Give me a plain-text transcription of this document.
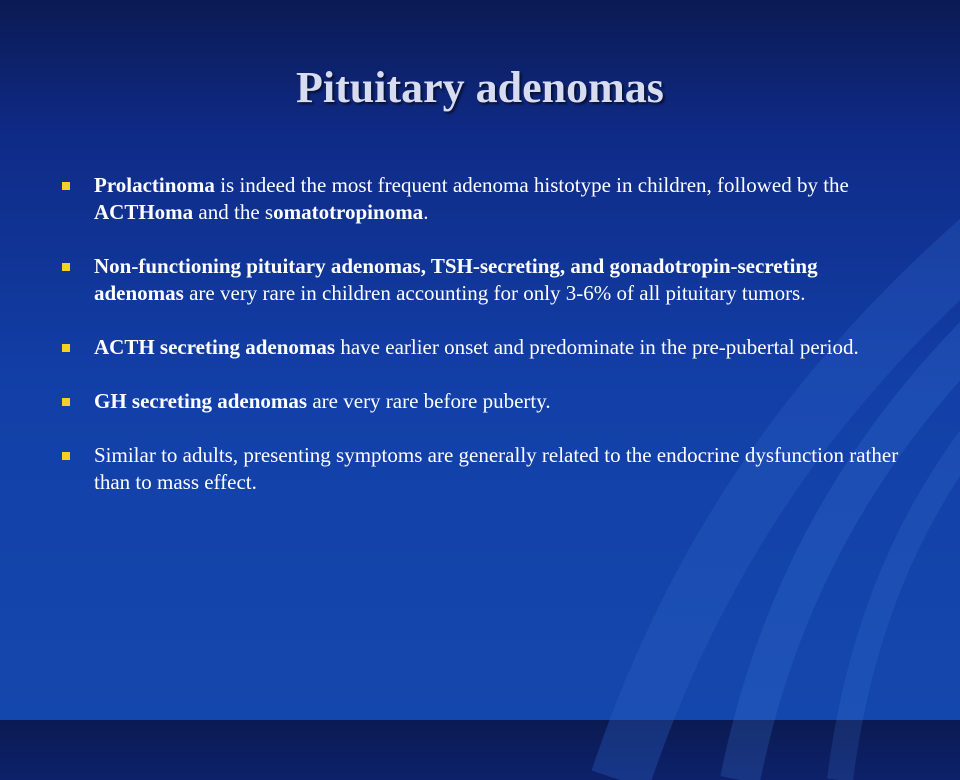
Pituitary adenomas
Prolactinoma is indeed the most frequent adenoma histotype in children, followed by the ACTHoma and the somatotropinoma.
Non-functioning pituitary adenomas, TSH-secreting, and gonadotropin-secreting adenomas are very rare in children accounting for only 3-6% of all pituitary tumors.
ACTH secreting adenomas have earlier onset and predominate in the pre-pubertal period.
GH secreting adenomas are very rare before puberty.
Similar to adults, presenting symptoms are generally related to the endocrine dysfunction rather than to mass effect.
